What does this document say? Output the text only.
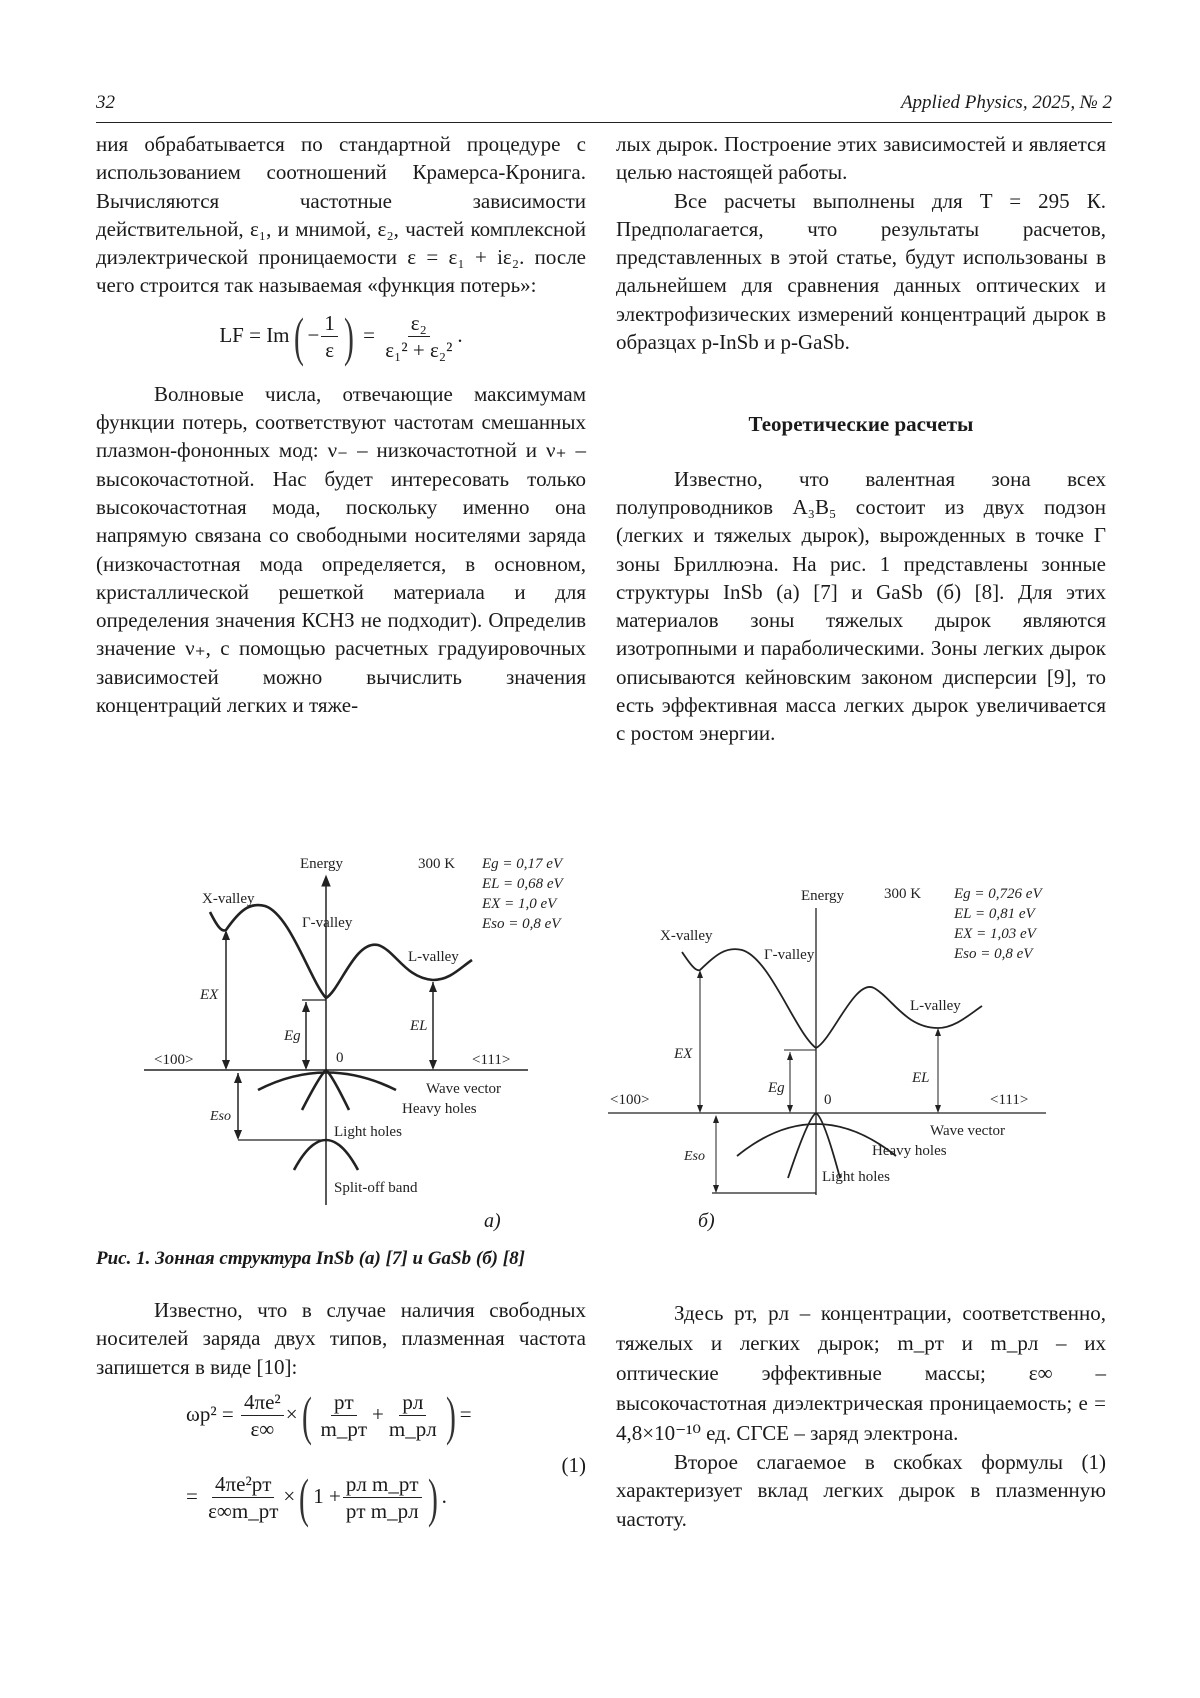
32	Applied Physics, 2025, № 2

ния обрабатывается по стандартной процедуре с использованием соотношений Крамерса-Кронига. Вычисляются частотные зависимости действительной, ε₁, и мнимой, ε₂, частей комплексной диэлектрической проницаемости ε = ε₁ + iε₂. после чего строится так называемая «функция потерь»:

LF = $Im( - \frac{1}{\varepsilon}$ ) = $\frac{\text{ε₂}}{\text{ε₁² + ε₂²}}$ .

Волновые числа, отвечающие максимумам функции потерь, соответствуют частотам смешанных плазмон-фононных мод: ν₋ – низкочастотной и ν₊ – высокочастотной. Нас будет интересовать только высокочастотная мода, поскольку именно она напрямую связана со свободными носителями заряда (низкочастотная мода определяется, в основном, кристаллической решеткой материала и для определения значения КСНЗ не подходит). Определив значение ν₊, с помощью расчетных градуировочных зависимостей можно вычислить значения концентраций легких и тяже-

лых дырок. Построение этих зависимостей и является целью настоящей работы.

Все расчеты выполнены для T = 295 К. Предполагается, что результаты расчетов, представленных в этой статье, будут использованы в дальнейшем для сравнения данных оптических и электрофизических измерений концентраций дырок в образцах p-InSb и p-GaSb.

Теоретические расчеты

Известно, что валентная зона всех полупроводников A₃B₅ состоит из двух подзон (легких и тяжелых дырок), вырожденных в точке Г зоны Бриллюэна. На рис. 1 представлены зонные структуры InSb (а) [7] и GaSb (б) [8]. Для этих материалов зоны тяжелых дырок являются изотропными и параболическими. Зоны легких дырок описываются кейновским законом дисперсии [9], то есть эффективная масса легких дырок увеличивается с ростом энергии.

Energy	300 K Eg = 0,17 eV
EL = 0,68 eV
EX = 1,0 eV
Eso = 0,8 eV
X-valley
Γ-valley
L-valley
EX
Eg
EL
Eso
<100>	<111>
0
Wave vector
Heavy holes
Light holes
Split-off band
а)
Energy	300 K Eg = 0,726 eV
EL = 0,81 eV
EX = 1,03 eV
Eso = 0,8 eV
X-valley
Γ-valley
L-valley
EX
Eg
EL
Eso
<100>	<111>
0
Wave vector
Heavy holes
Light holes
б)
Рис. 1. Зонная структура InSb (а) [7] и GaSb (б) [8]

Известно, что в случае наличия свободных носителей заряда двух типов, плазменная частота запишется в виде [10]:

$\omega p^2 = \frac{\text{4πe²}}{\varepsilon\infty}$ ×( $\frac{pт}{m\_pт} + \frac{pл}{m\_pл}$ ) =
= $\frac{\text{4πe²pт}}{\varepsilon\infty m\_pт}$ ×( $1 + \frac{\text{pл m\_pт}}{\text{pт m\_pл}}$ ) .
(1)

Здесь pт, pл – концентрации, соответственно, тяжелых и легких дырок; m_pт и m_pл – их оптические эффективные массы; ε∞ – высокочастотная диэлектрическая проницаемость; e = 4,8×10⁻¹⁰ ед. СГСЕ – заряд электрона.

Второе слагаемое в скобках формулы (1) характеризует вклад легких дырок в плазменную частоту.
